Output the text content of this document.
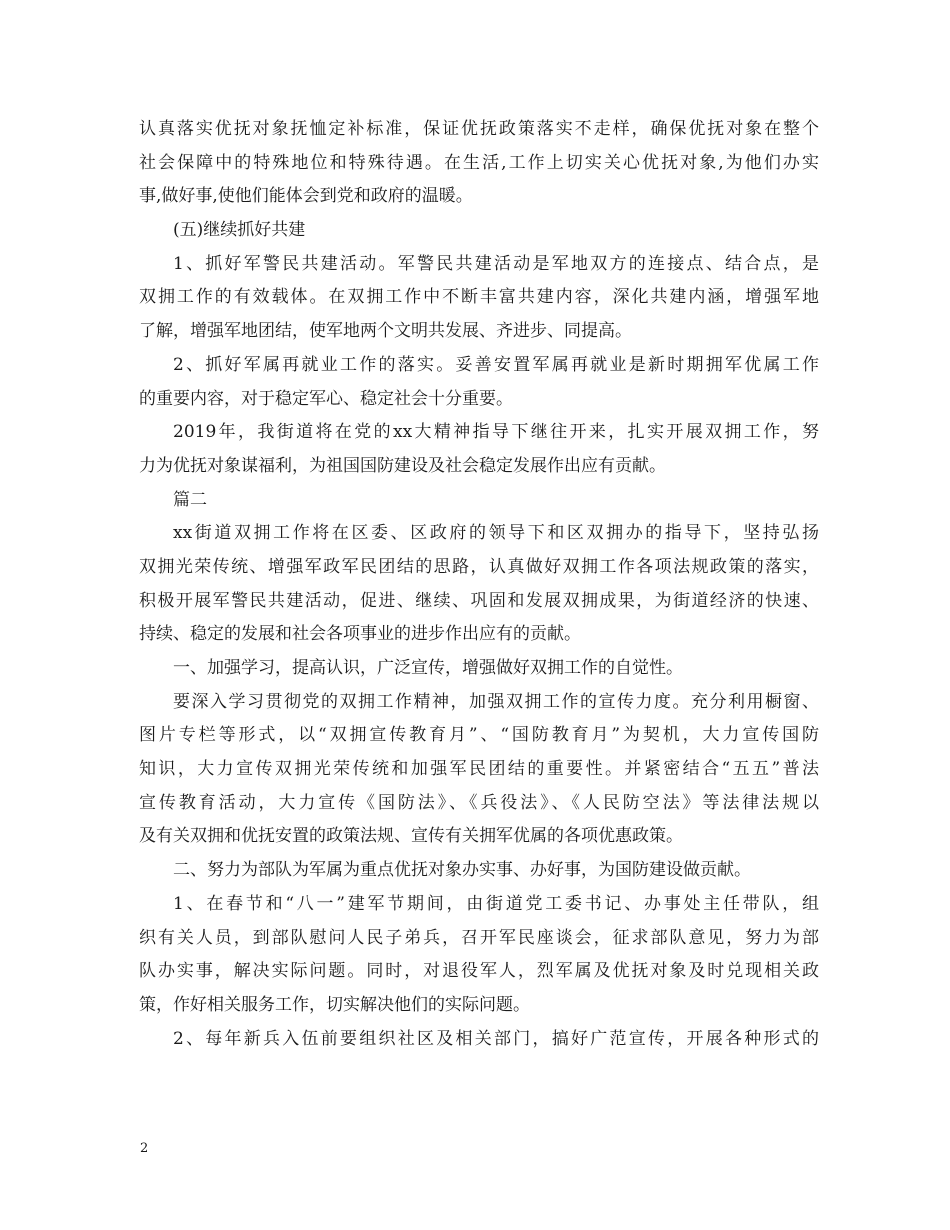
认真落实优抚对象抚恤定补标准，保证优抚政策落实不走样，确保优抚对象在整个
社会保障中的特殊地位和特殊待遇。在生活,工作上切实关心优抚对象,为他们办实
事,做好事,使他们能体会到党和政府的温暖。

(五)继续抓好共建

1、抓好军警民共建活动。军警民共建活动是军地双方的连接点、结合点，是
双拥工作的有效载体。在双拥工作中不断丰富共建内容，深化共建内涵，增强军地
了解，增强军地团结，使军地两个文明共发展、齐进步、同提高。

2、抓好军属再就业工作的落实。妥善安置军属再就业是新时期拥军优属工作
的重要内容，对于稳定军心、稳定社会十分重要。

2019年，我街道将在党的xx大精神指导下继往开来，扎实开展双拥工作，努
力为优抚对象谋福利，为祖国国防建设及社会稳定发展作出应有贡献。

篇二

xx街道双拥工作将在区委、区政府的领导下和区双拥办的指导下，坚持弘扬
双拥光荣传统、增强军政军民团结的思路，认真做好双拥工作各项法规政策的落实，
积极开展军警民共建活动，促进、继续、巩固和发展双拥成果，为街道经济的快速、
持续、稳定的发展和社会各项事业的进步作出应有的贡献。

一、加强学习，提高认识，广泛宣传，增强做好双拥工作的自觉性。

要深入学习贯彻党的双拥工作精神，加强双拥工作的宣传力度。充分利用橱窗、
图片专栏等形式，以“双拥宣传教育月”、“国防教育月”为契机，大力宣传国防
知识，大力宣传双拥光荣传统和加强军民团结的重要性。并紧密结合“五五”普法
宣传教育活动，大力宣传《国防法》、《兵役法》、《人民防空法》等法律法规以
及有关双拥和优抚安置的政策法规、宣传有关拥军优属的各项优惠政策。

二、努力为部队为军属为重点优抚对象办实事、办好事，为国防建设做贡献。

1、在春节和“八一”建军节期间，由街道党工委书记、办事处主任带队，组
织有关人员，到部队慰问人民子弟兵，召开军民座谈会，征求部队意见，努力为部
队办实事，解决实际问题。同时，对退役军人，烈军属及优抚对象及时兑现相关政
策，作好相关服务工作，切实解决他们的实际问题。

2、每年新兵入伍前要组织社区及相关部门，搞好广范宣传，开展各种形式的

2
